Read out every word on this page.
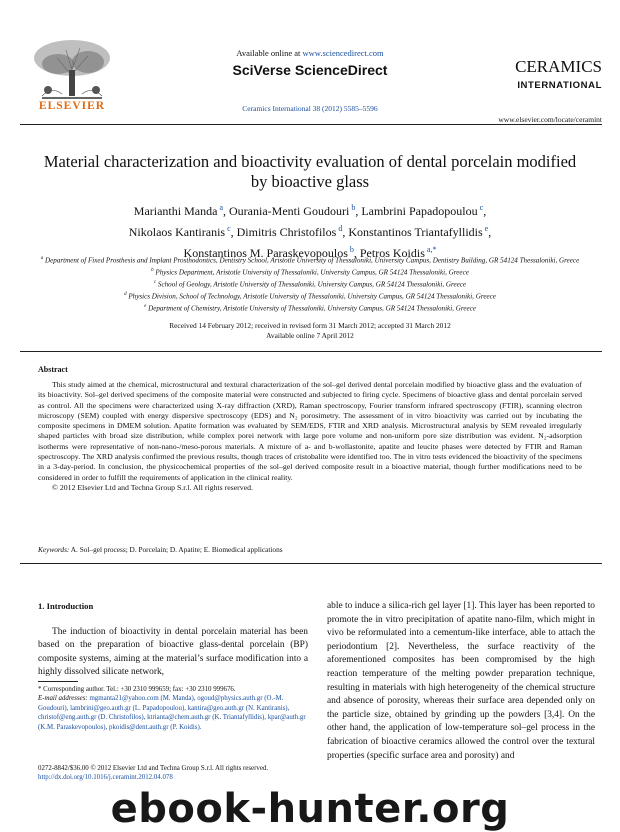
ELSEVIER
Available online at www.sciencedirect.com
SciVerse ScienceDirect
Ceramics International 38 (2012) 5585–5596
CERAMICS
INTERNATIONAL
www.elsevier.com/locate/ceramint
Material characterization and bioactivity evaluation of dental porcelain modified by bioactive glass
Marianthi Manda $^a$, Ourania-Menti Goudouri $^b$, Lambrini Papadopoulou $^c$,
Nikolaos Kantiranis $^c$, Dimitris Christofilos $^d$, Konstantinos Triantafyllidis $^e$,
Konstantinos M. Paraskevopoulos $^b$, Petros Koidis $^{a,*}$
$^a$ Department of Fixed Prosthesis and Implant Prosthodontics, Dentistry School, Aristotle University of Thessaloniki, University Campus, Dentistry Building, GR 54124 Thessaloniki, Greece
$^b$ Physics Department, Aristotle University of Thessaloniki, University Campus, GR 54124 Thessaloniki, Greece
$^c$ School of Geology, Aristotle University of Thessaloniki, University Campus, GR 54124 Thessaloniki, Greece
$^d$ Physics Division, School of Technology, Aristotle University of Thessaloniki, University Campus, GR 54124 Thessaloniki, Greece
$^e$ Department of Chemistry, Aristotle University of Thessaloniki, University Campus, GR 54124 Thessaloniki, Greece
Received 14 February 2012; received in revised form 31 March 2012; accepted 31 March 2012
Available online 7 April 2012
Abstract
This study aimed at the chemical, microstructural and textural characterization of the sol–gel derived dental porcelain modified by bioactive glass and the evaluation of its bioactivity. Sol–gel derived specimens of the composite material were constructed and subjected to firing cycle. Specimens of bioactive glass and dental porcelain served as control. All the specimens were characterized using X-ray diffraction (XRD), Raman spectroscopy, Fourier transform infrared spectroscopy (FTIR), scanning electron microscopy (SEM) coupled with energy dispersive spectroscopy (EDS) and N₂ porosimetry. The assessment of in vitro bioactivity was carried out by incubating the composite specimens in DMEM solution. Apatite formation was evaluated by SEM/EDS, FTIR and XRD analysis. Microstructural analysis by SEM revealed irregularly shaped particles with broad size distribution, while complex porei network with large pore volume and non-uniform pore size distribution was evident. N₂-adsorption isotherms were representative of non-nano-/meso-porous materials. A mixture of a- and b-wollastonite, apatite and leucite phases were detected by FTIR and Raman spectroscopy. The XRD analysis confirmed the previous results, though traces of cristobalite were identified too. The in vitro tests evidenced the bioactivity of the specimens in a 3-day-period. In conclusion, the physicochemical properties of the sol–gel derived composite result in a bioactive material, though further modifications need to be considered in order to fulfill the requirements of application in the clinical reality.
© 2012 Elsevier Ltd and Techna Group S.r.l. All rights reserved.
Keywords: A. Sol–gel process; D. Porcelain; D. Apatite; E. Biomedical applications
1. Introduction
The induction of bioactivity in dental porcelain material has been based on the preparation of bioactive glass-dental porcelain (BP) composite systems, aiming at the material’s surface modification into a highly dissolved silicate network,
able to induce a silica-rich gel layer [1]. This layer has been reported to promote the in vitro precipitation of apatite nano-film, which might in vivo be reformulated into a cementum-like interface, able to attach the periodontium [2]. Nevertheless, the surface reactivity of the aforementioned composites has been compromised by the high reaction temperature of the melting powder preparation technique, resulting in materials with high heterogeneity of the chemical structure and absence of porosity, whereas their surface area depended only on the particle size, obtained by grinding up the powders [3,4]. On the other hand, the application of low-temperature sol–gel process in the fabrication of bioactive ceramics allowed the control over the textural properties (specific surface area and porosity) and
* Corresponding author. Tel.: +30 2310 999659; fax: +30 2310 999676.
E-mail addresses: mgmanta21@yahoo.com (M. Manda), ogoud@physics.auth.gr (O.-M. Goudouri), lambrini@geo.auth.gr (L. Papadopoulou), kantira@geo.auth.gr (N. Kantiranis), christof@eng.auth.gr (D. Christofilos), ktrianta@chem.auth.gr (K. Triantafyllidis), kpar@auth.gr (K.M. Paraskevopoulos), pkoidis@dent.auth.gr (P. Koidis).
0272-8842/$36.00 © 2012 Elsevier Ltd and Techna Group S.r.l. All rights reserved.
http://dx.doi.org/10.1016/j.ceramint.2012.04.078
ebook-hunter.org
